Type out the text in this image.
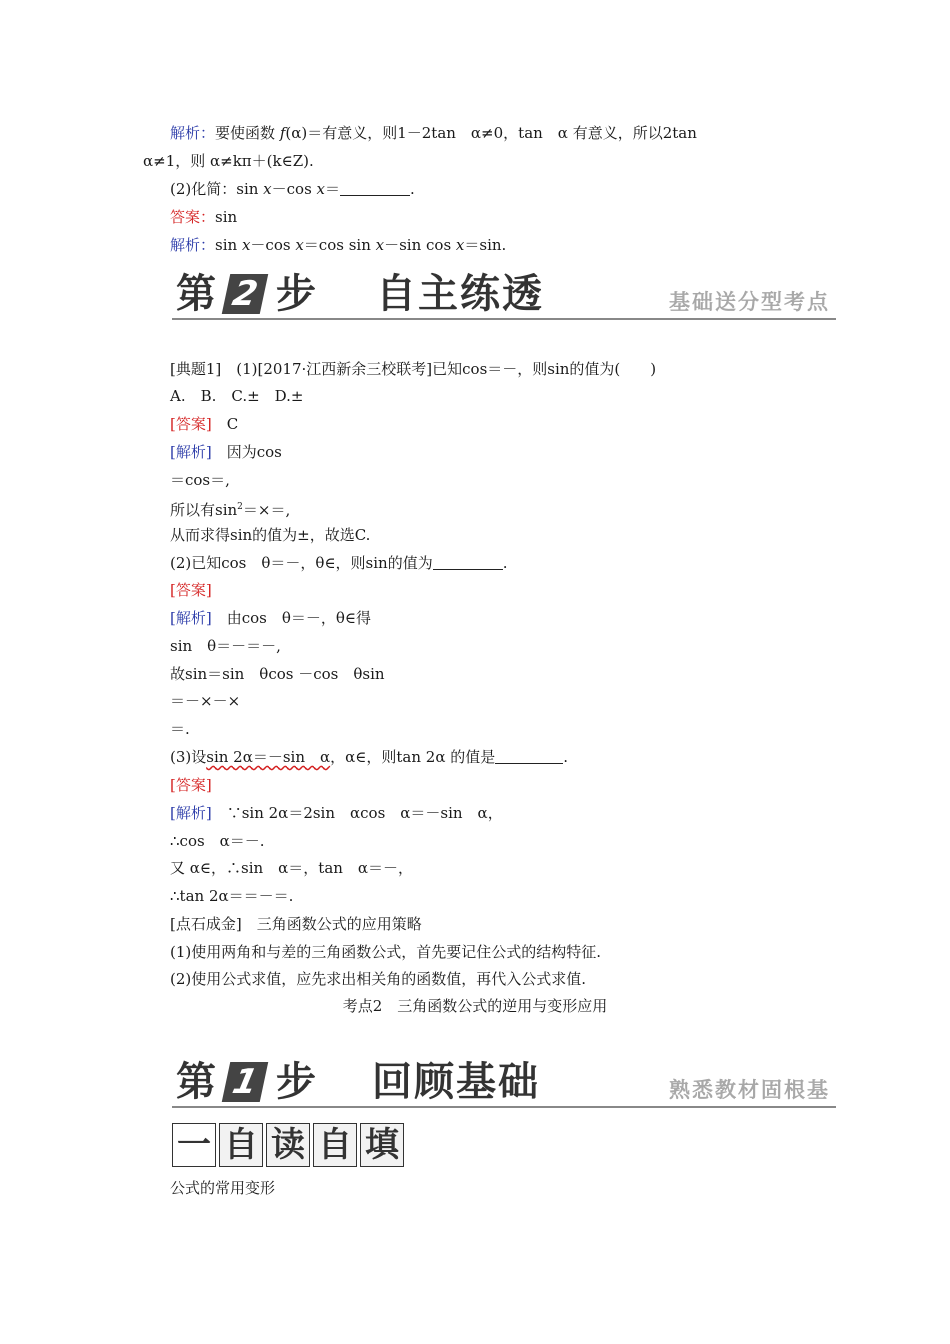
解析：要使函数 f(α)＝有意义，则1－2tan　α≠0，tan　α 有意义，所以2tan
α≠1，则 α≠kπ＋(k∈Z).
(2)化简：sin x－cos x＝	.
答案：sin
解析：sin x－cos x＝cos sin x－sin cos x＝sin.
第 2 步 自主练透	基础送分型考点
[典题1]　(1)[2017·江西新余三校联考]已知cos＝－，则sin的值为(　　)
A.　B.　C.±　D.±
[答案]　C
[解析]　因为cos
＝cos＝,
所以有$\sin^2=\times=$,
从而求得sin的值为±，故选C.
(2)已知cos　θ＝－，θ∈，则sin的值为	.
[答案]
[解析]　由cos　θ＝－，θ∈得
sin　θ＝－＝－,
故sin＝sin　θcos －cos　θsin
＝－×－×
＝.
(3)设sin 2α＝－sin　α，α∈，则tan 2α 的值是	.
[答案]
[解析]　∵sin 2α＝2sin　αcos　α＝－sin　α，
∴cos　α＝－.
又 α∈，∴sin　α＝，tan　α＝－，
∴tan 2α＝＝－＝.
[点石成金]　三角函数公式的应用策略
(1)使用两角和与差的三角函数公式，首先要记住公式的结构特征.
(2)使用公式求值，应先求出相关角的函数值，再代入公式求值.
考点2　三角函数公式的逆用与变形应用
第 1 步 回顾基础	熟悉教材固根基
一 自 读 自 填
公式的常用变形
